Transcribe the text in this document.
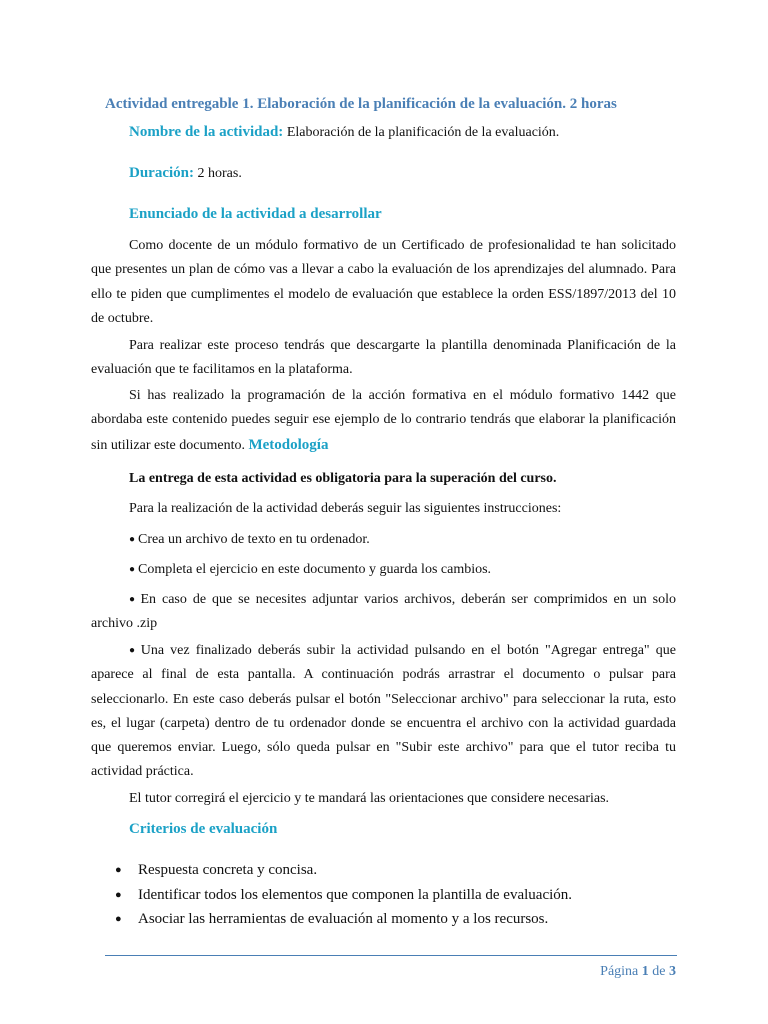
Actividad entregable 1. Elaboración de la planificación de la evaluación. 2 horas
Nombre de la actividad: Elaboración de la planificación de la evaluación.
Duración: 2 horas.
Enunciado de la actividad a desarrollar

Como docente de un módulo formativo de un Certificado de profesionalidad te han solicitado que presentes un plan de cómo vas a llevar a cabo la evaluación de los aprendizajes del alumnado. Para ello te piden que cumplimentes el modelo de evaluación que establece la orden ESS/1897/2013 del 10 de octubre.

Para realizar este proceso tendrás que descargarte la plantilla denominada Planificación de la evaluación que te facilitamos en la plataforma.

Si has realizado la programación de la acción formativa en el módulo formativo 1442 que abordaba este contenido puedes seguir ese ejemplo de lo contrario tendrás que elaborar la planificación sin utilizar este documento. Metodología

La entrega de esta actividad es obligatoria para la superación del curso.

Para la realización de la actividad deberás seguir las siguientes instrucciones:

● Crea un archivo de texto en tu ordenador.

● Completa el ejercicio en este documento y guarda los cambios.

● En caso de que se necesites adjuntar varios archivos, deberán ser comprimidos en un solo archivo .zip

● Una vez finalizado deberás subir la actividad pulsando en el botón "Agregar entrega" que aparece al final de esta pantalla. A continuación podrás arrastrar el documento o pulsar para seleccionarlo. En este caso deberás pulsar el botón "Seleccionar archivo" para seleccionar la ruta, esto es, el lugar (carpeta) dentro de tu ordenador donde se encuentra el archivo con la actividad guardada que queremos enviar. Luego, sólo queda pulsar en "Subir este archivo" para que el tutor reciba tu actividad práctica.

El tutor corregirá el ejercicio y te mandará las orientaciones que considere necesarias.

Criterios de evaluación
● Respuesta concreta y concisa.
● Identificar todos los elementos que componen la plantilla de evaluación.
● Asociar las herramientas de evaluación al momento y a los recursos.
Página 1 de 3
